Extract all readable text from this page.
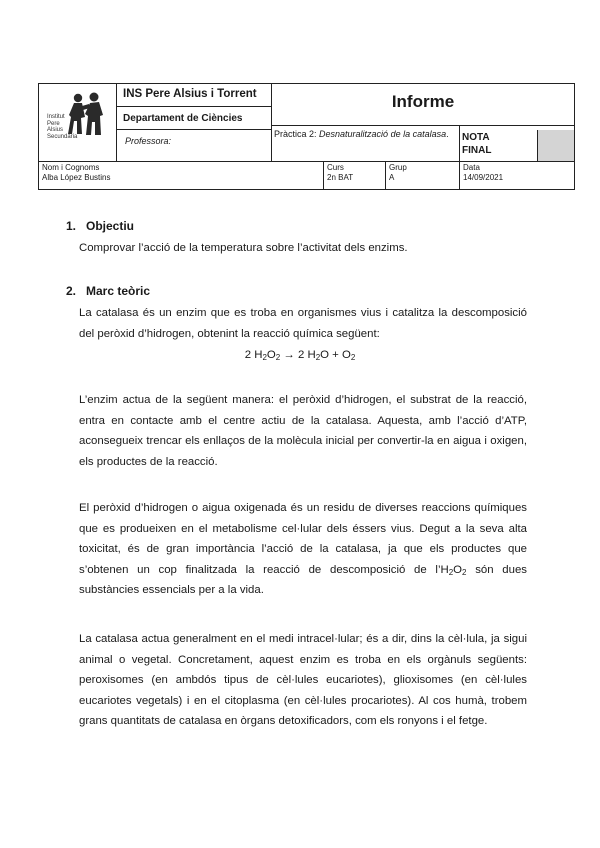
Institut
Pere
Alsius
Secundària
INS Pere Alsius i Torrent
Departament de Ciències
Professora:
Informe
Pràctica 2: Desnaturalització de la catalasa.	NOTA
FINAL
Nom i Cognoms
Alba López Bustins
Curs
2n BAT
Grup
A
Data
14/09/2021
1. Objectiu
Comprovar l’acció de la temperatura sobre l’activitat dels enzims.
2. Marc teòric
La catalasa és un enzim que es troba en organismes vius i catalitza la descomposició del peròxid d’hidrogen, obtenint la reacció química següent:
2 $H_2O_2 \to 2$ $H_2O + O_2$
L’enzim actua de la següent manera: el peròxid d’hidrogen, el substrat de la reacció, entra en contacte amb el centre actiu de la catalasa. Aquesta, amb l’acció d’ATP, aconsegueix trencar els enllaços de la molècula inicial per convertir-la en aigua i oxigen, els productes de la reacció.
El peròxid d’hidrogen o aigua oxigenada és un residu de diverses reaccions químiques que es produeixen en el metabolisme cel·lular dels éssers vius. Degut a la seva alta toxicitat, és de gran importància l’acció de la catalasa, ja que els productes que s’obtenen un cop finalitzada la reacció de descomposició de $l’H_2O_2$ són dues substàncies essencials per a la vida.
La catalasa actua generalment en el medi intracel·lular; és a dir, dins la cèl·lula, ja sigui animal o vegetal. Concretament, aquest enzim es troba en els orgànuls següents: peroxisomes (en ambdós tipus de cèl·lules eucariotes), glioxisomes (en cèl·lules eucariotes vegetals) i en el citoplasma (en cèl·lules procariotes). Al cos humà, trobem grans quantitats de catalasa en òrgans detoxificadors, com els ronyons i el fetge.
